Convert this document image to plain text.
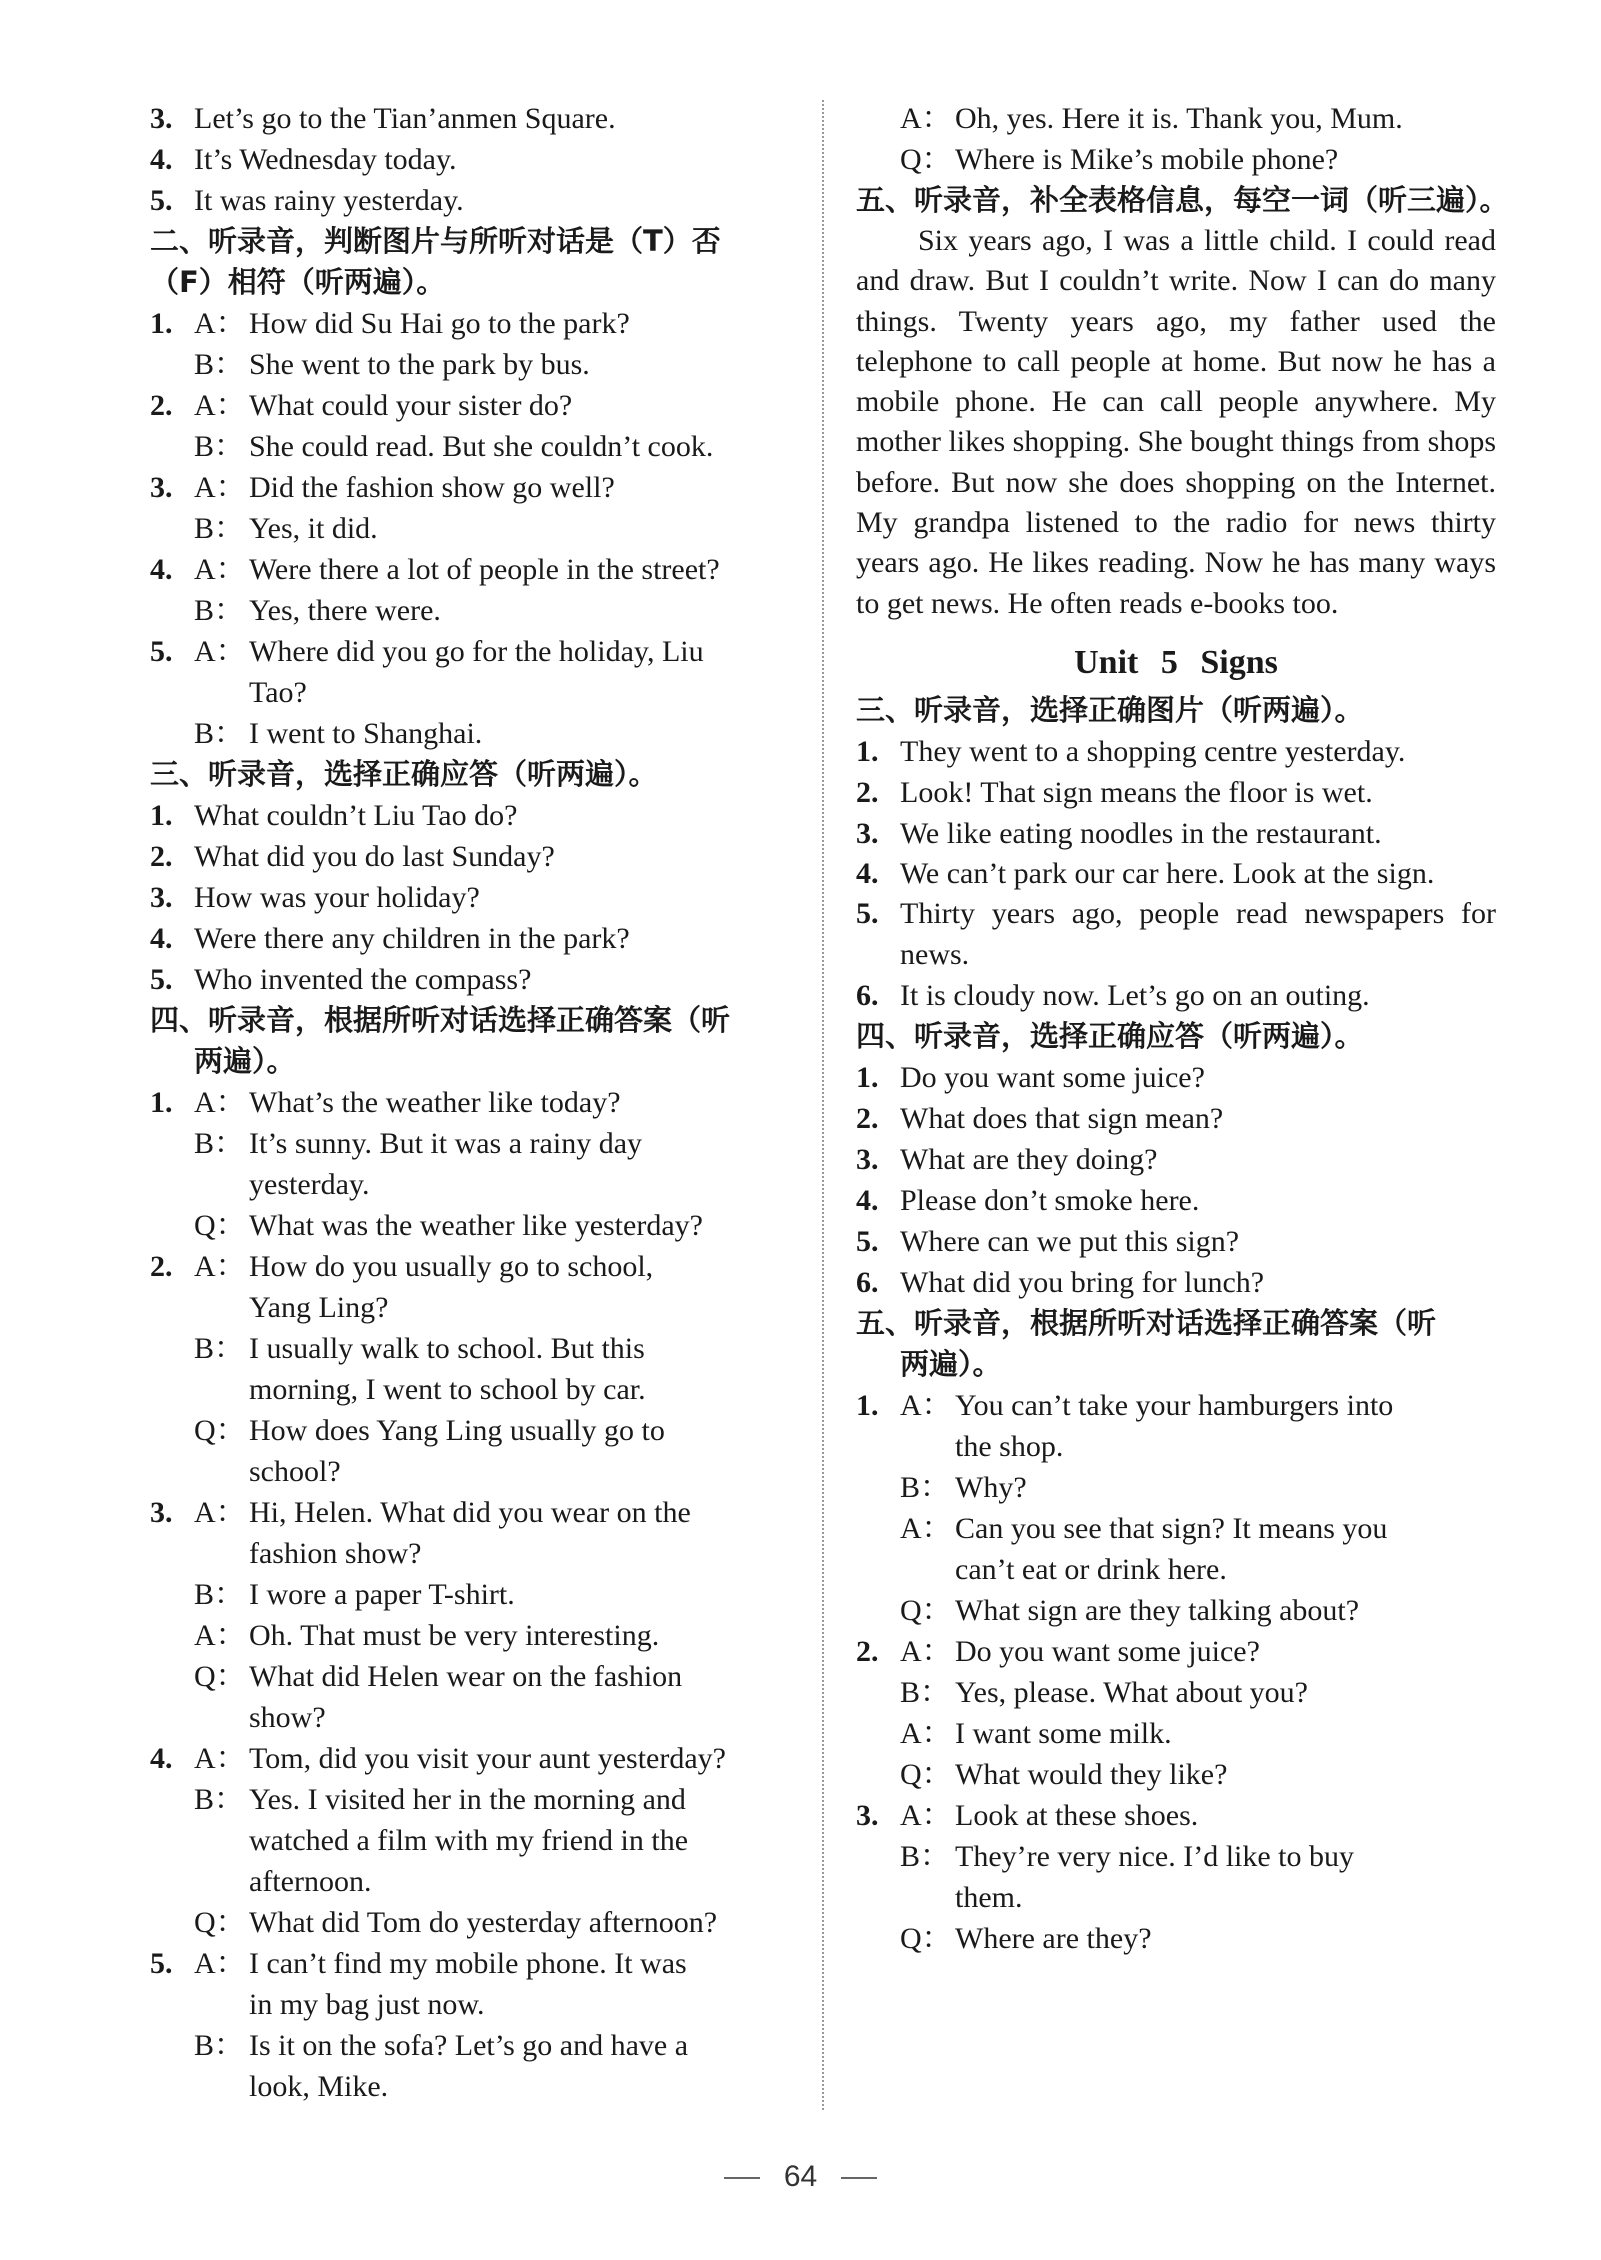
3. Let’s go to the Tian’anmen Square.
4. It’s Wednesday today.
5. It was rainy yesterday.
二、听录音，判断图片与所听对话是（T）否
（F）相符（听两遍）。
1. A： How did Su Hai go to the park?
B： She went to the park by bus.
2. A： What could your sister do?
B： She could read. But she couldn’t cook.
3. A： Did the fashion show go well?
B： Yes, it did.
4. A： Were there a lot of people in the street?
B： Yes, there were.
5. A： Where did you go for the holiday, Liu
Tao?
B： I went to Shanghai.
三、听录音，选择正确应答（听两遍）。
1. What couldn’t Liu Tao do?
2. What did you do last Sunday?
3. How was your holiday?
4. Were there any children in the park?
5. Who invented the compass?
四、听录音，根据所听对话选择正确答案（听
两遍）。
1. A： What’s the weather like today?
B： It’s sunny. But it was a rainy day
yesterday.
Q： What was the weather like yesterday?
2. A： How do you usually go to school,
Yang Ling?
B： I usually walk to school. But this
morning, I went to school by car.
Q： How does Yang Ling usually go to
school?
3. A： Hi, Helen. What did you wear on the
fashion show?
B： I wore a paper T-shirt.
A： Oh. That must be very interesting.
Q： What did Helen wear on the fashion
show?
4. A： Tom, did you visit your aunt yesterday?
B： Yes. I visited her in the morning and
watched a film with my friend in the
afternoon.
Q： What did Tom do yesterday afternoon?
5. A： I can’t find my mobile phone. It was
in my bag just now.
B： Is it on the sofa? Let’s go and have a
look, Mike.
A： Oh, yes. Here it is. Thank you, Mum.
Q： Where is Mike’s mobile phone?
五、听录音，补全表格信息，每空一词（听三遍）。

Six years ago, I was a little child. I could read and draw. But I couldn’t write. Now I can do many things. Twenty years ago, my father used the telephone to call people at home. But now he has a mobile phone. He can call people anywhere. My mother likes shopping. She bought things from shops before. But now she does shopping on the Internet. My grandpa listened to the radio for news thirty years ago. He likes reading. Now he has many ways to get news. He often reads e-books too.

Unit 5 Signs
三、听录音，选择正确图片（听两遍）。
1. They went to a shopping centre yesterday.
2. Look! That sign means the floor is wet.
3. We like eating noodles in the restaurant.
4. We can’t park our car here. Look at the sign.
5. Thirty years ago, people read newspapers for news.
6. It is cloudy now. Let’s go on an outing.
四、听录音，选择正确应答（听两遍）。
1. Do you want some juice?
2. What does that sign mean?
3. What are they doing?
4. Please don’t smoke here.
5. Where can we put this sign?
6. What did you bring for lunch?
五、听录音，根据所听对话选择正确答案（听
两遍）。
1. A： You can’t take your hamburgers into
the shop.
B： Why?
A： Can you see that sign? It means you
can’t eat or drink here.
Q： What sign are they talking about?
2. A： Do you want some juice?
B： Yes, please. What about you?
A： I want some milk.
Q： What would they like?
3. A： Look at these shoes.
B： They’re very nice. I’d like to buy
them.
Q： Where are they?
64
